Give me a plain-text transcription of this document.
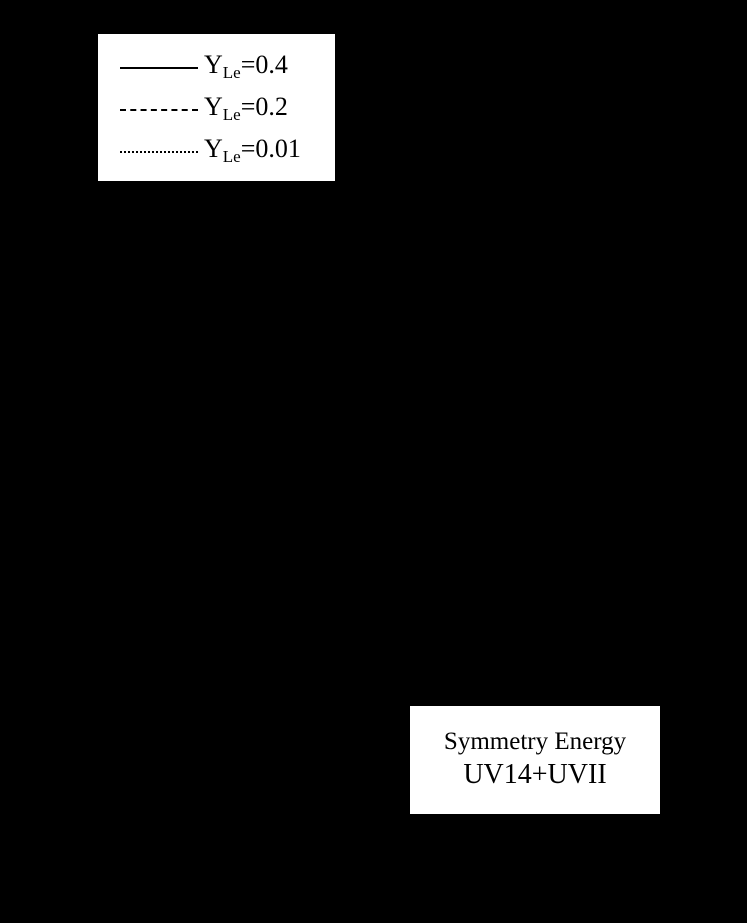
$Y_{Le}=0.4$
$Y_{Le}=0.2$
$Y_{Le}=0.01$
Symmetry Energy
UV14+UVII
